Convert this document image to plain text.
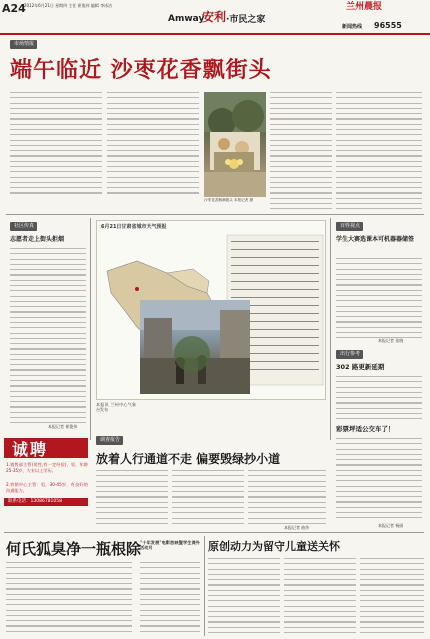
A24
2012年6月21日 星期四 主任 崔俊伟 编辑 李冰洁
Amway
安利 ·市民之家
兰州晨报
新闻热线 96555
市场情报
端午临近 沙枣花香飘街头
沙枣花香飘满街头 本报记者 摄
社区传真
志愿者走上街头拒烟
本报记者 崔俊伟
6月21日甘肃省城市天气预报
本报讯 兰州中心气象台发布
百姓视点
学生大赛选课本可机器器储签
本报记者 张晓
出行参考
302 路更新延期
彩票坪适公交车了！
本报记者 杨丽
诚聘
1.销售部主管(男性,有一定经验)，男，年龄25-35岁，大专以上学历。
2.营销中心主管：男，30-45岁，有良好的沟通能力。
联系电话：13086781058
调查报告
放着人行通道不走 偏要毁绿抄小道
本报记者 曲莎
何氏狐臭净一瓶根除
"十年发展"电影放映暨学生课外活动月	原创动力为留守儿童送关怀
